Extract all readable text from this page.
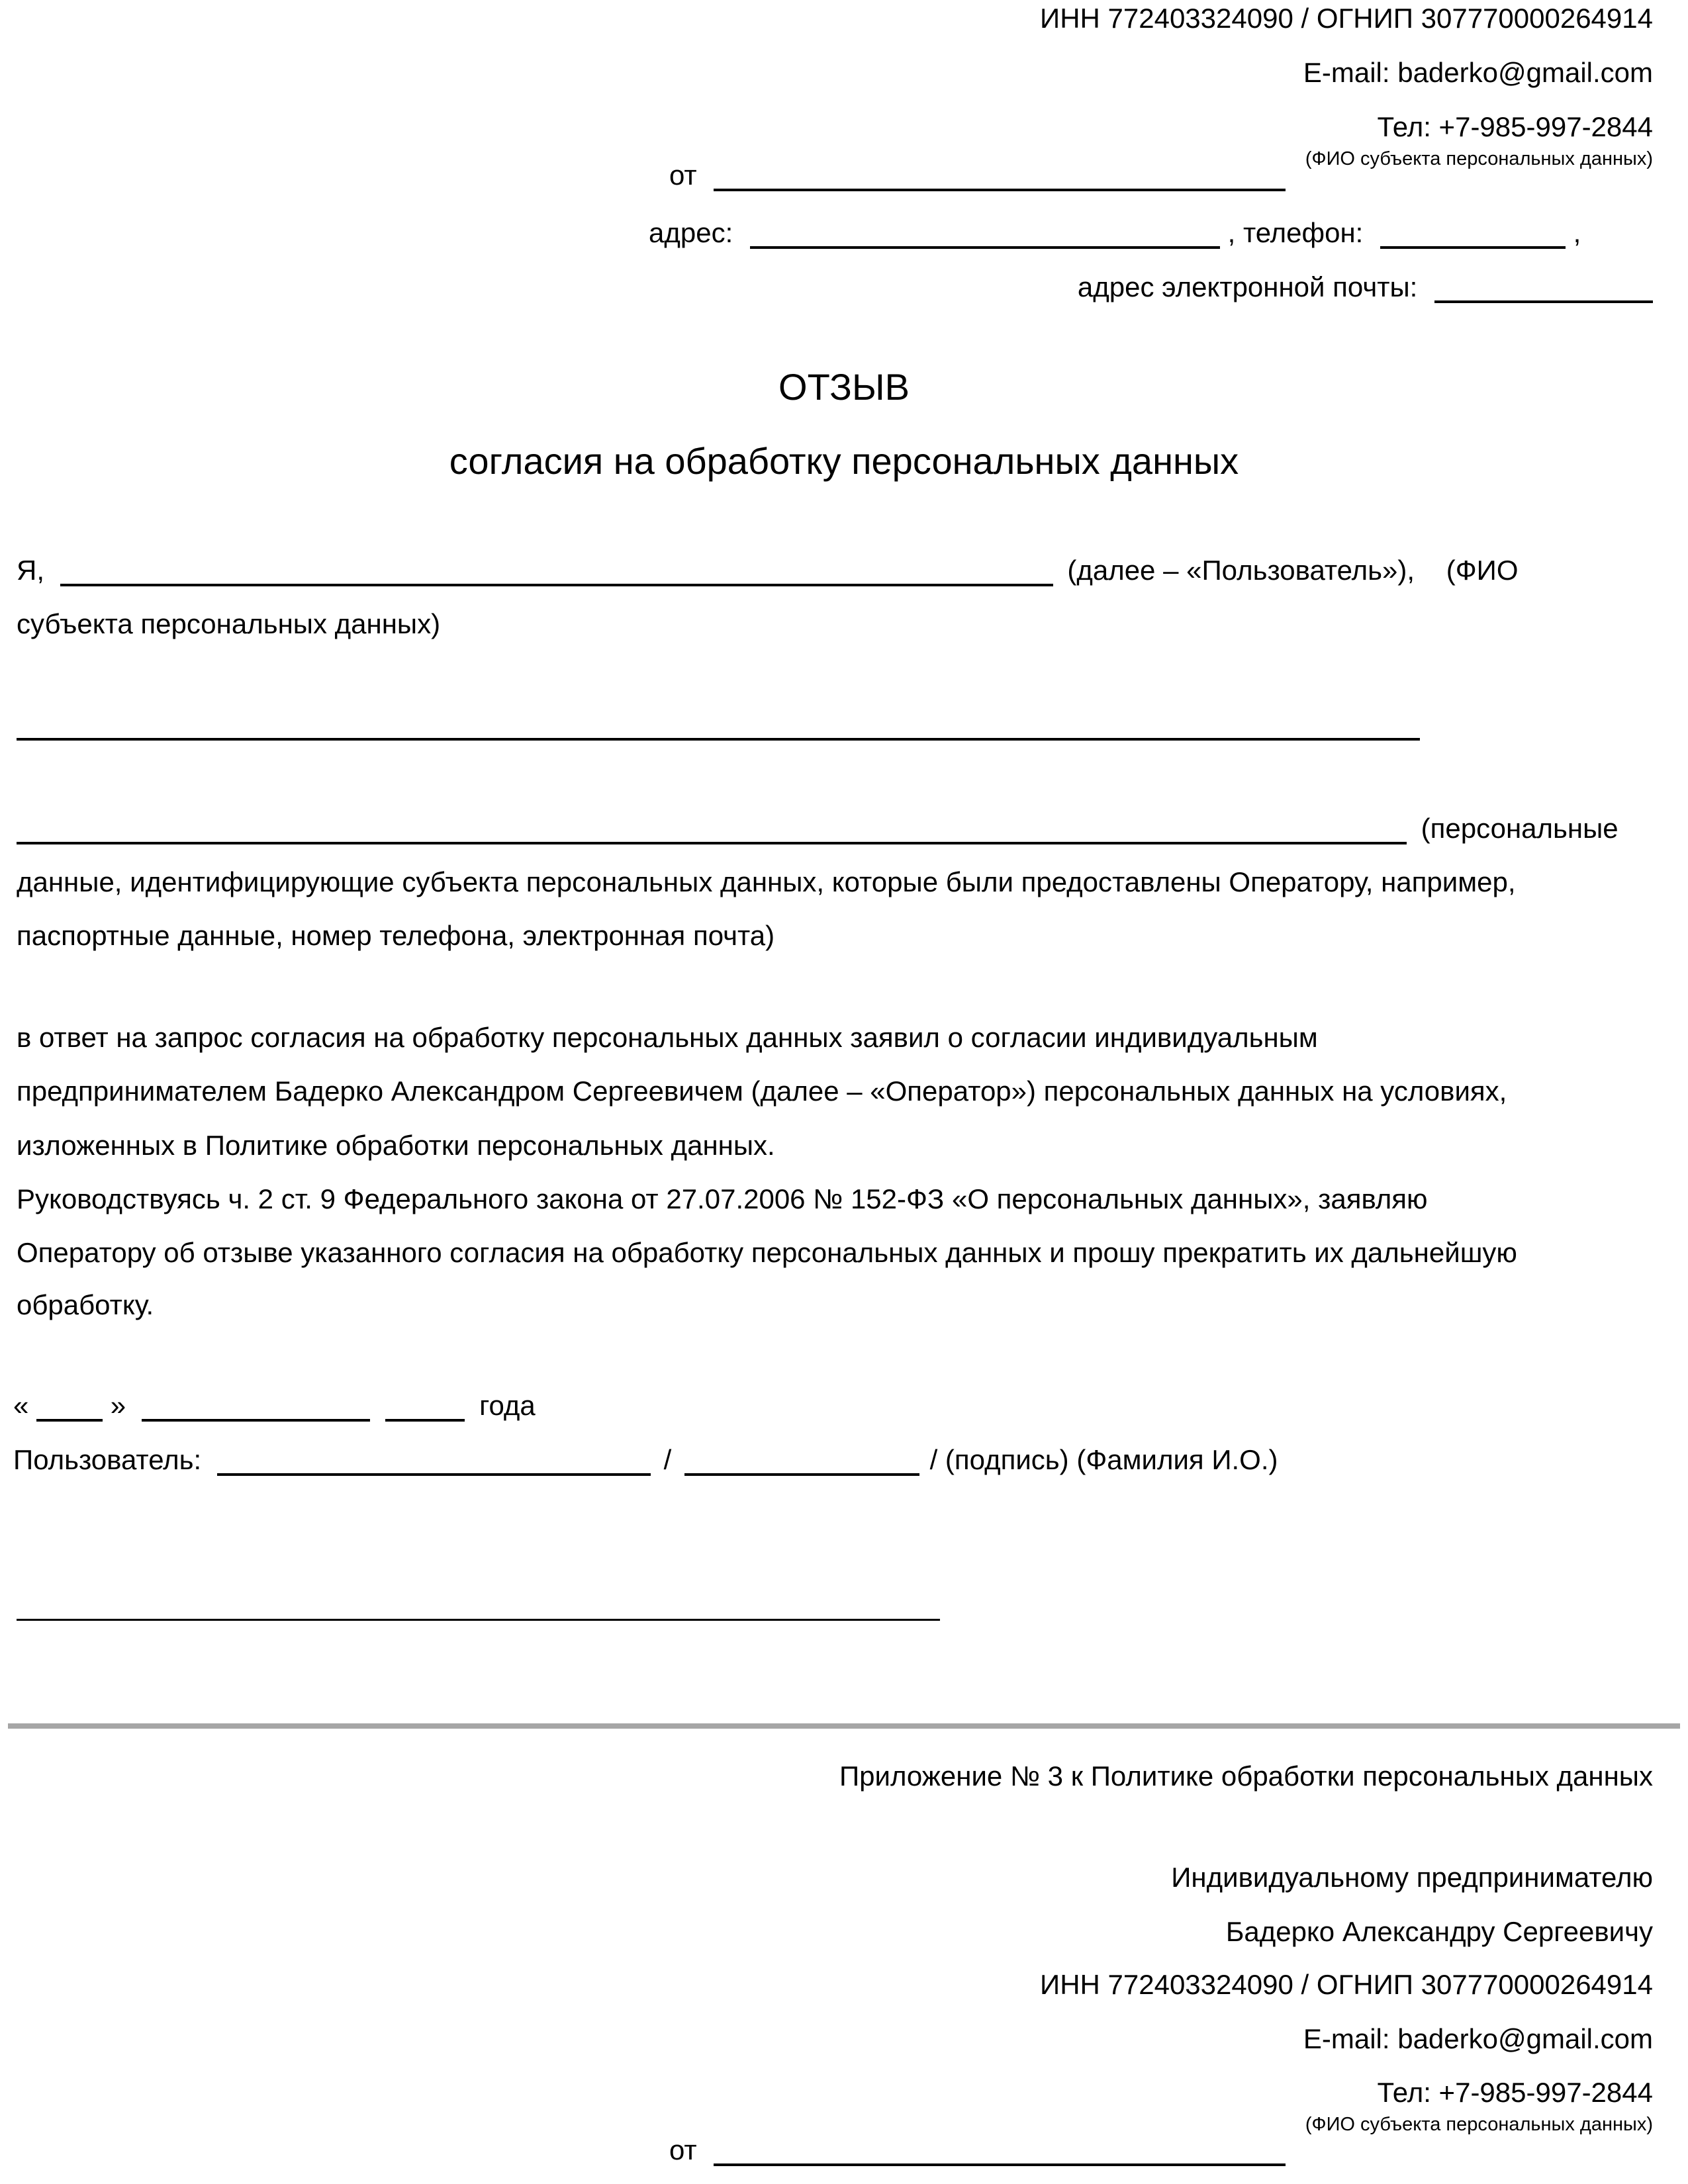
ИНН 772403324090 / ОГНИП 307770000264914
E-mail: baderko@gmail.com
Тел: +7-985-997-2844
(ФИО субъекта персональных данных)
от
адрес:	, телефон:	,
адрес электронной почты:
ОТЗЫВ
согласия на обработку персональных данных
Я,	(далее – «Пользователь»), (ФИО
субъекта персональных данных)
(персональные
данные, идентифицирующие субъекта персональных данных, которые были предоставлены Оператору, например,
паспортные данные, номер телефона, электронная почта)
в ответ на запрос согласия на обработку персональных данных заявил о согласии индивидуальным
предпринимателем Бадерко Александром Сергеевичем (далее – «Оператор») персональных данных на условиях,
изложенных в Политике обработки персональных данных.
Руководствуясь ч. 2 ст. 9 Федерального закона от 27.07.2006 № 152-ФЗ «О персональных данных», заявляю
Оператору об отзыве указанного согласия на обработку персональных данных и прошу прекратить их дальнейшую
обработку.
«	»	года
Пользователь:	/	/ (подпись) (Фамилия И.О.)
Приложение № 3 к Политике обработки персональных данных
Индивидуальному предпринимателю
Бадерко Александру Сергеевичу
ИНН 772403324090 / ОГНИП 307770000264914
E-mail: baderko@gmail.com
Тел: +7-985-997-2844
(ФИО субъекта персональных данных)
от
